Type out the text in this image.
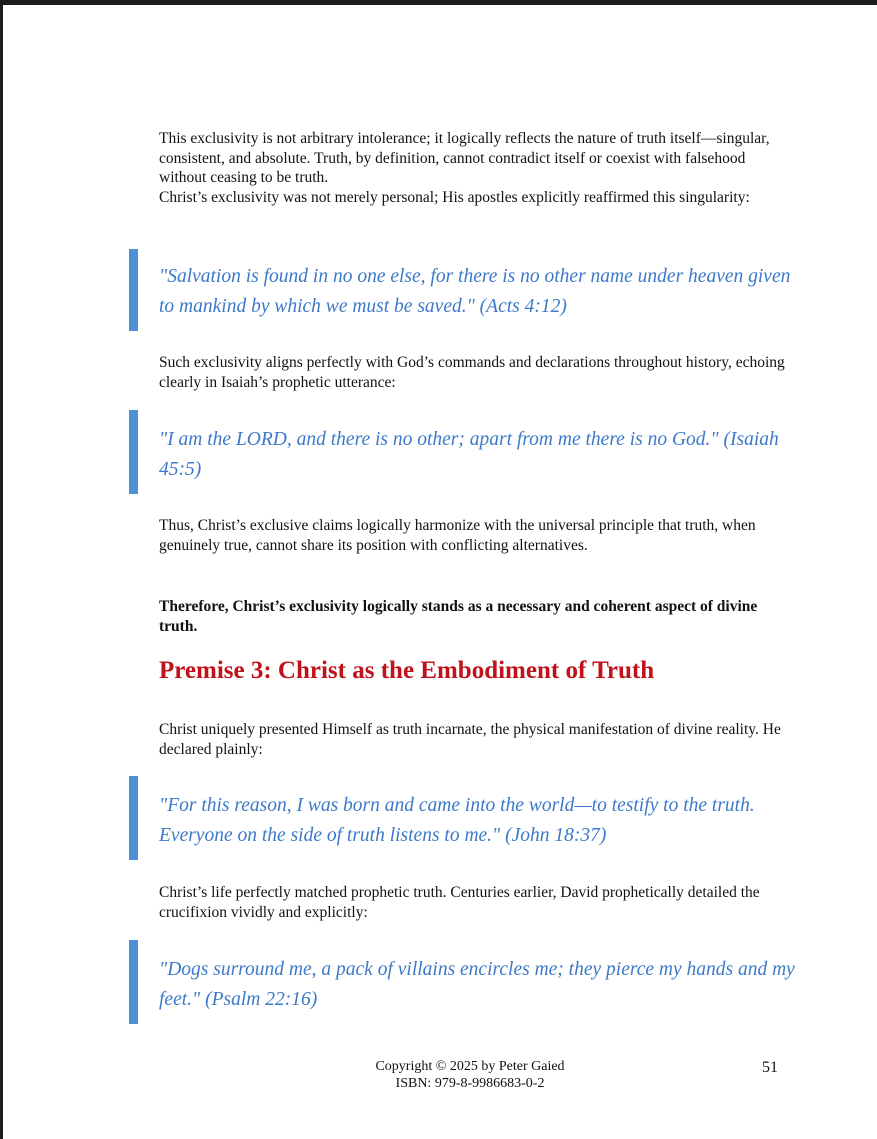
This exclusivity is not arbitrary intolerance; it logically reflects the nature of truth itself—singular, consistent, and absolute. Truth, by definition, cannot contradict itself or coexist with falsehood without ceasing to be truth.

Christ’s exclusivity was not merely personal; His apostles explicitly reaffirmed this singularity:

"Salvation is found in no one else, for there is no other name under heaven given to mankind by which we must be saved." (Acts 4:12)

Such exclusivity aligns perfectly with God’s commands and declarations throughout history, echoing clearly in Isaiah’s prophetic utterance:

"I am the LORD, and there is no other; apart from me there is no God." (Isaiah 45:5)

Thus, Christ’s exclusive claims logically harmonize with the universal principle that truth, when genuinely true, cannot share its position with conflicting alternatives.

Therefore, Christ’s exclusivity logically stands as a necessary and coherent aspect of divine truth.

Premise 3: Christ as the Embodiment of Truth

Christ uniquely presented Himself as truth incarnate, the physical manifestation of divine reality. He declared plainly:

"For this reason, I was born and came into the world—to testify to the truth. Everyone on the side of truth listens to me." (John 18:37)

Christ’s life perfectly matched prophetic truth. Centuries earlier, David prophetically detailed the crucifixion vividly and explicitly:

"Dogs surround me, a pack of villains encircles me; they pierce my hands and my feet." (Psalm 22:16)

Copyright © 2025 by Peter Gaied
ISBN: 979-8-9986683-0-2
51
